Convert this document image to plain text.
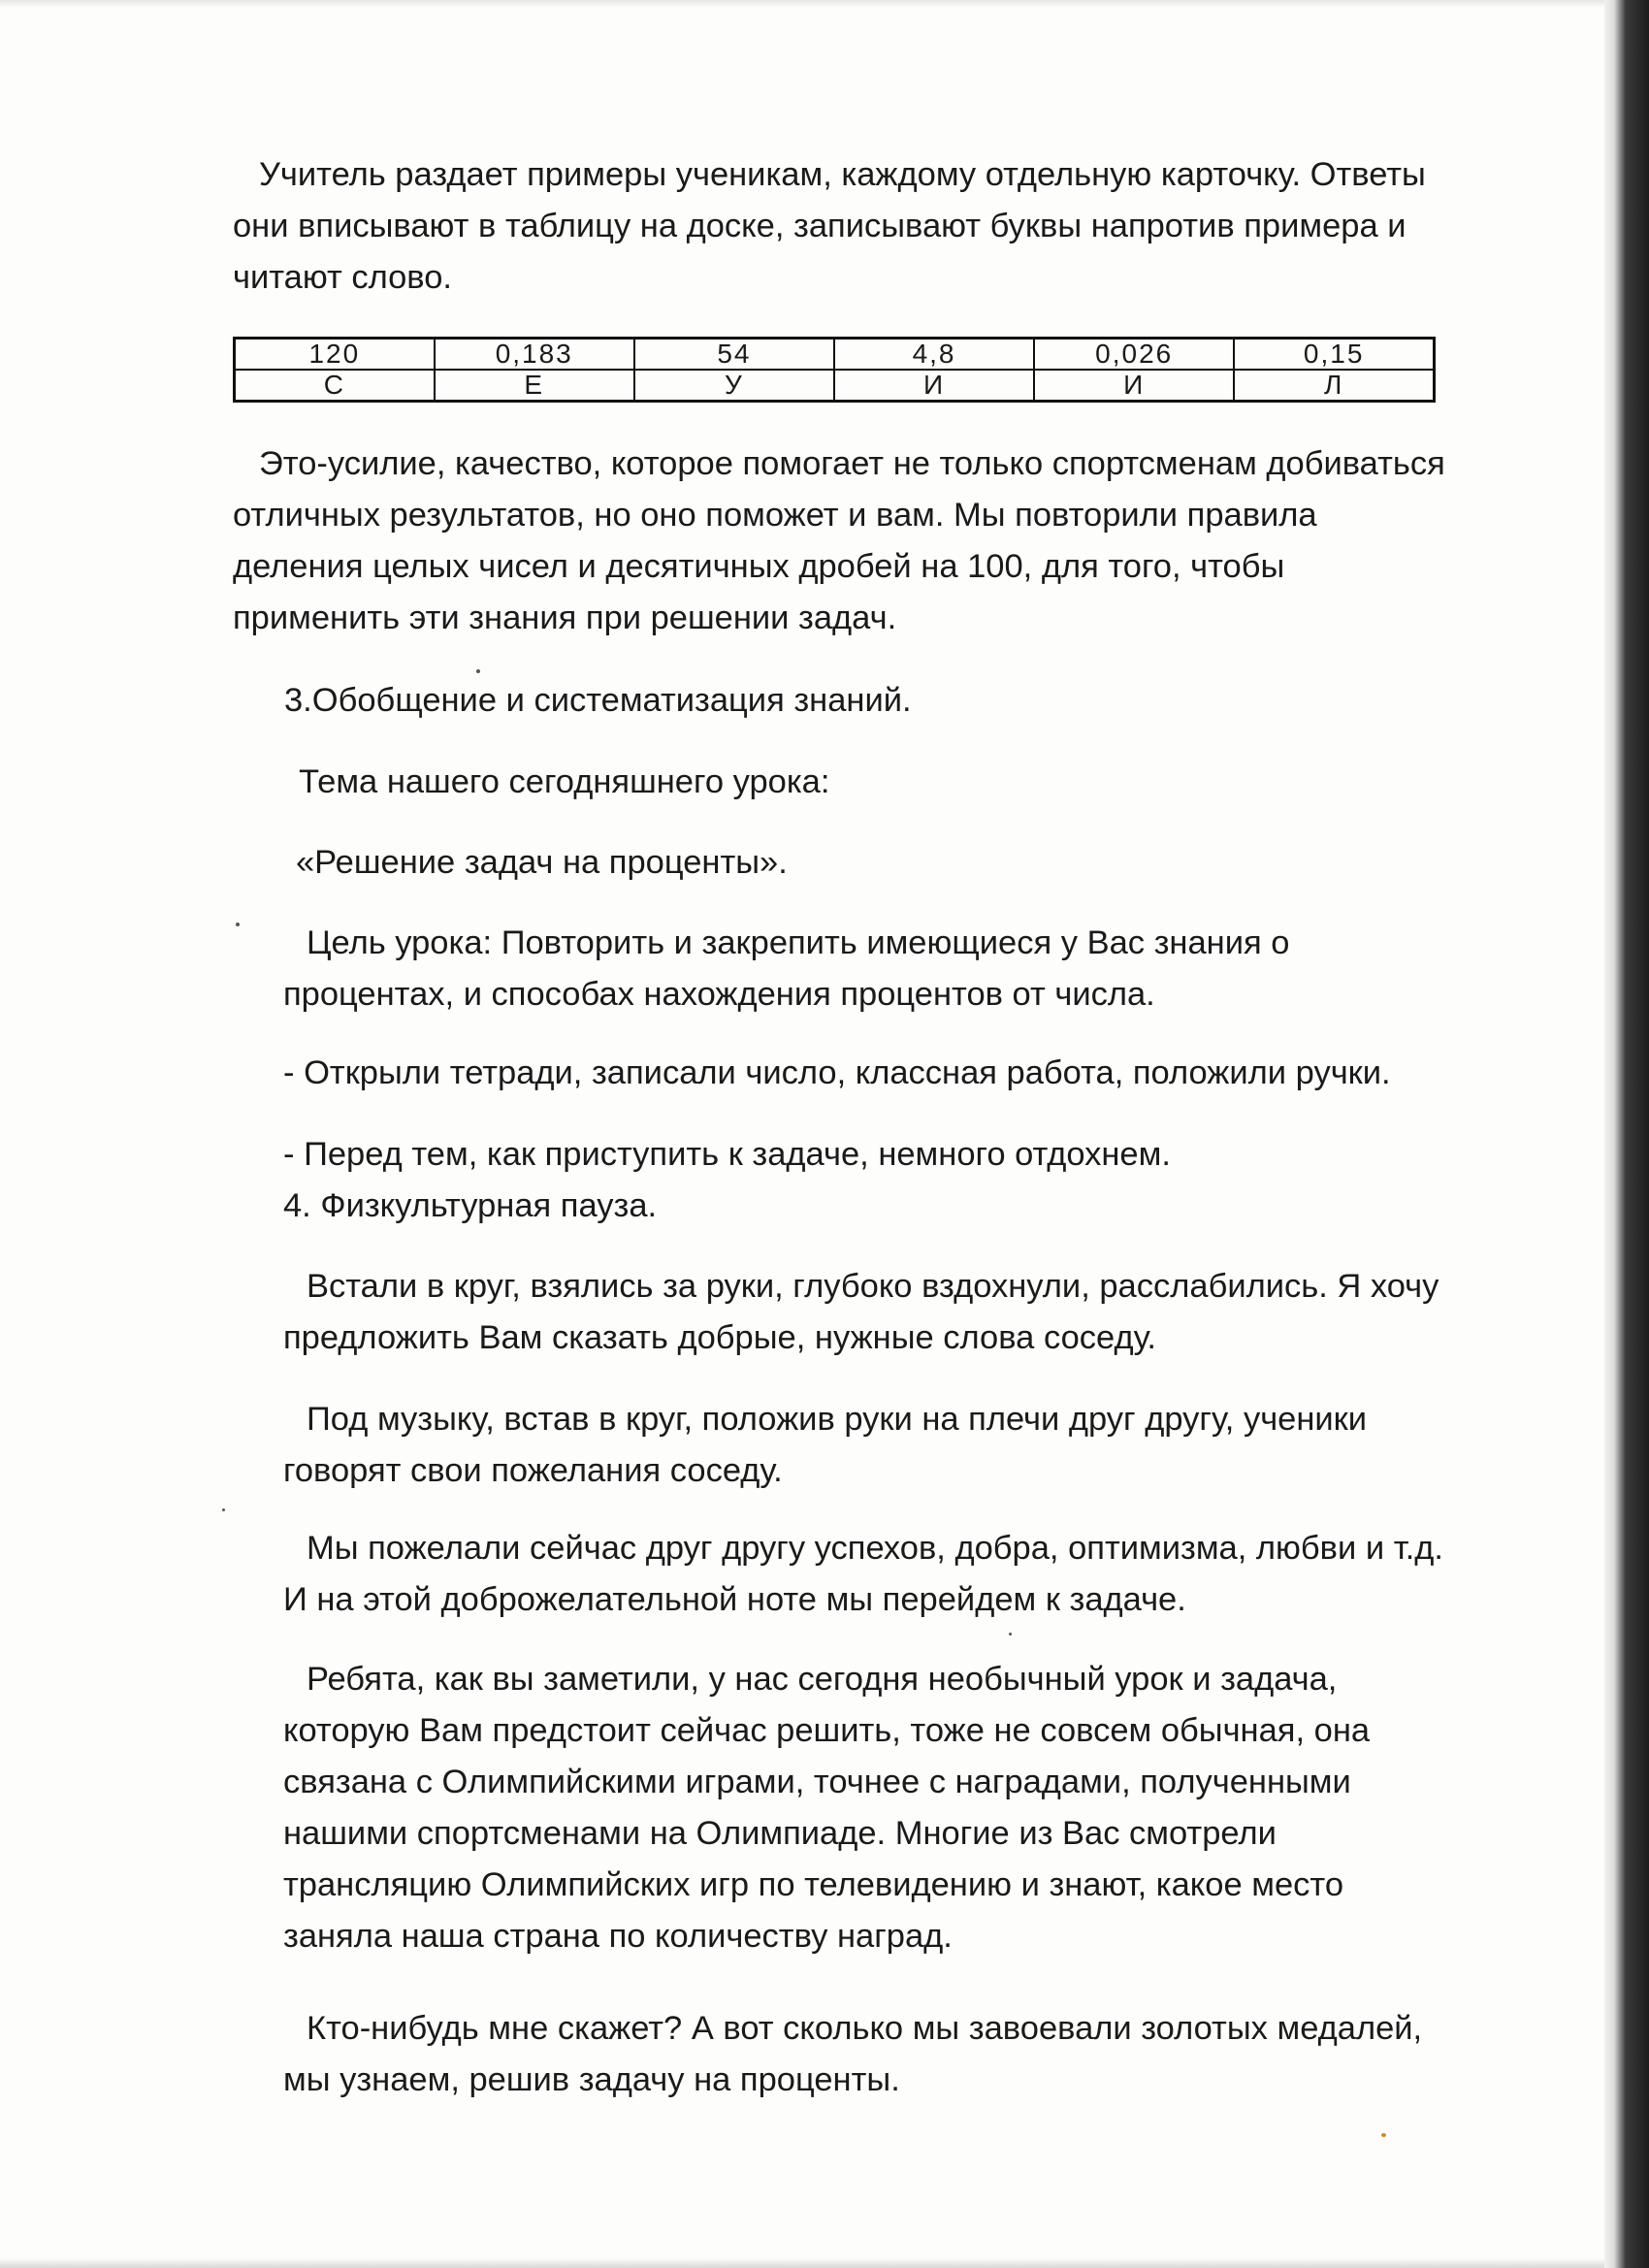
Учитель раздает примеры ученикам, каждому отдельную карточку. Ответы
они вписывают в таблицу на доске, записывают буквы напротив примера и
читают слово.

120	0,183	54	4,8	0,026	0,15
С	Е	У	И	И	Л

Это-усилие, качество, которое помогает не только спортсменам добиваться
отличных результатов, но оно поможет и вам. Мы повторили правила
деления целых чисел и десятичных дробей на 100, для того, чтобы
применить эти знания при решении задач.

3.Обобщение и систематизация знаний.

Тема нашего сегодняшнего урока:

«Решение задач на проценты».

Цель урока: Повторить и закрепить имеющиеся у Вас знания о
процентах, и способах нахождения процентов от числа.

- Открыли тетради, записали число, классная работа, положили ручки.

- Перед тем, как приступить к задаче, немного отдохнем.

4. Физкультурная пауза.

Встали в круг, взялись за руки, глубоко вздохнули, расслабились. Я хочу
предложить Вам сказать добрые, нужные слова соседу.

Под музыку, встав в круг, положив руки на плечи друг другу, ученики
говорят свои пожелания соседу.

Мы пожелали сейчас друг другу успехов, добра, оптимизма, любви и т.д.
И на этой доброжелательной ноте мы перейдем к задаче.

Ребята, как вы заметили, у нас сегодня необычный урок и задача,
которую Вам предстоит сейчас решить, тоже не совсем обычная, она
связана с Олимпийскими играми, точнее с наградами, полученными
нашими спортсменами на Олимпиаде. Многие из Вас смотрели
трансляцию Олимпийских игр по телевидению и знают, какое место
заняла наша страна по количеству наград.

Кто-нибудь мне скажет? А вот сколько мы завоевали золотых медалей,
мы узнаем, решив задачу на проценты.
